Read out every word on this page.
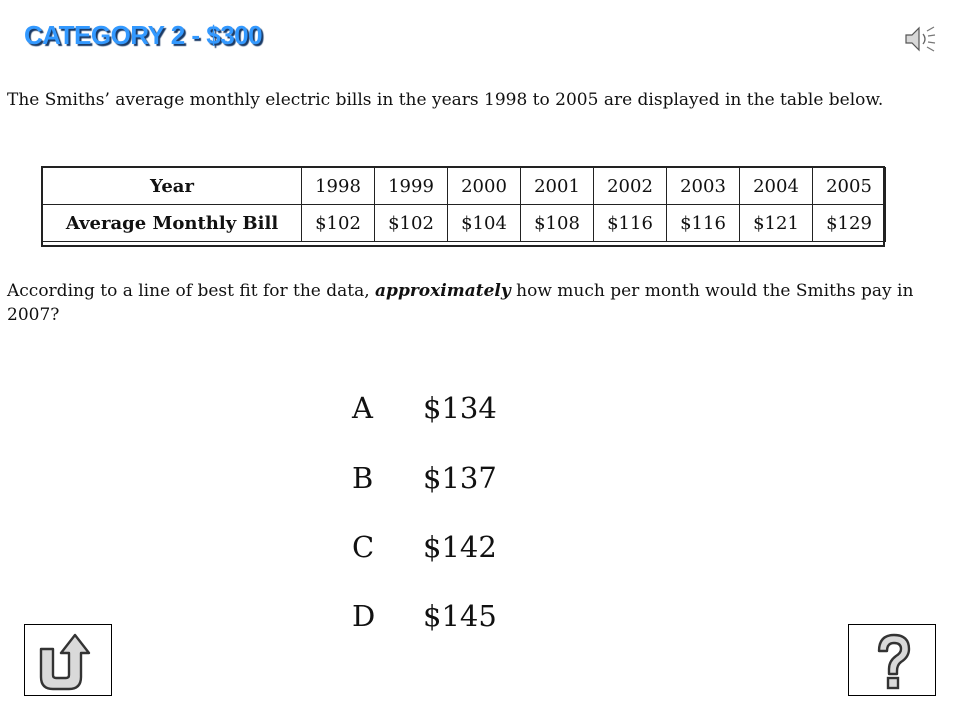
CATEGORY 2 - $300
The Smiths’ average monthly electric bills in the years 1998 to 2005 are displayed in the table below.
Year	1998	1999	2000	2001	2002	2003	2004	2005
Average Monthly Bill	$102	$102	$104	$108	$116	$116	$121	$129
According to a line of best fit for the data, approximately how much per month would the Smiths pay in 2007?
A $134
B $137
C $142
D $145
